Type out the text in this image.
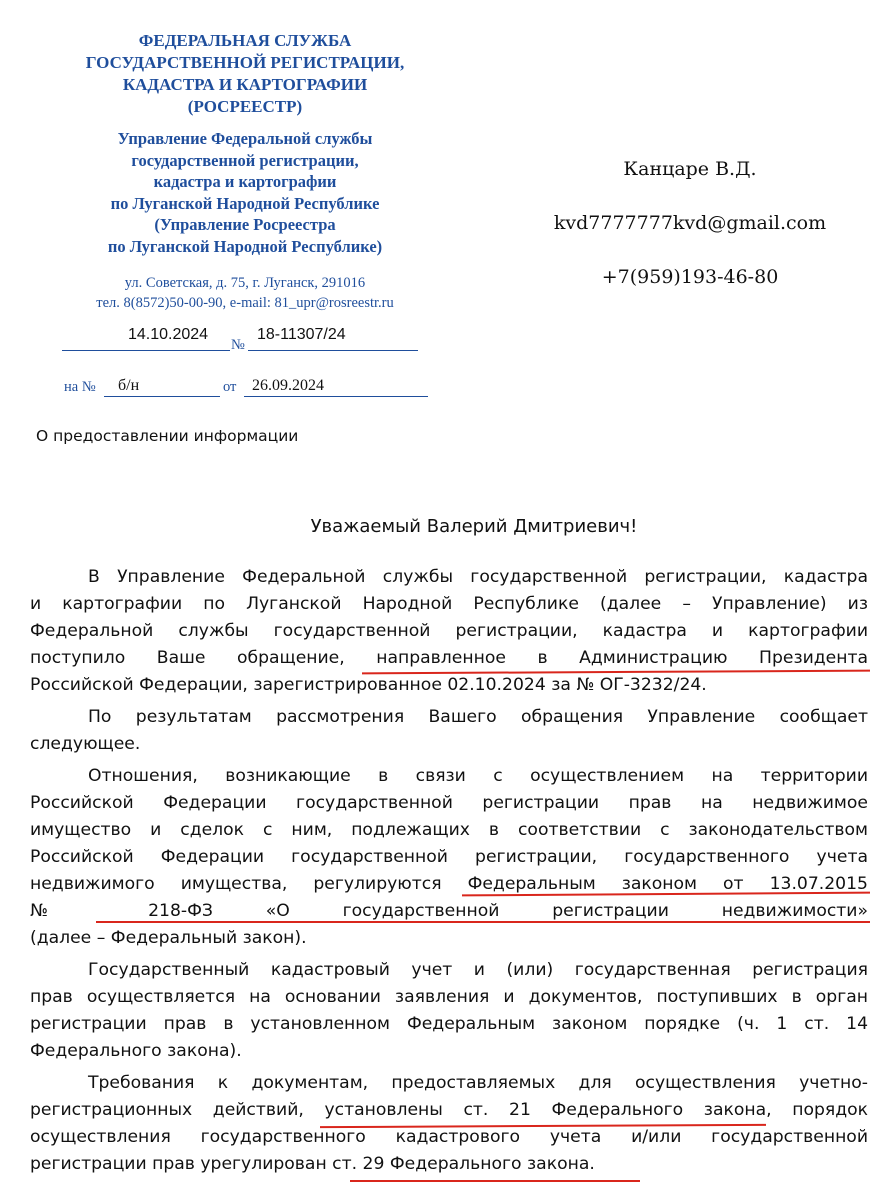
ФЕДЕРАЛЬНАЯ СЛУЖБА
ГОСУДАРСТВЕННОЙ РЕГИСТРАЦИИ,
КАДАСТРА И КАРТОГРАФИИ
(РОСРЕЕСТР)
Управление Федеральной службы
государственной регистрации,
кадастра и картографии
по Луганской Народной Республике
(Управление Росреестра
по Луганской Народной Республике)
ул. Советская, д. 75, г. Луганск, 291016
тел. 8(8572)50-00-90, e-mail: 81_upr@rosreestr.ru
14.10.2024
№
18-11307/24
на № б/н	от 26.09.2024
Канцаре В.Д.
kvd7777777kvd@gmail.com
+7(959)193-46-80
О предоставлении информации
Уважаемый Валерий Дмитриевич!
В Управление Федеральной службы государственной регистрации, кадастра
и картографии по Луганской Народной Республике (далее – Управление) из
Федеральной службы государственной регистрации, кадастра и картографии
поступило Ваше обращение, направленное в Администрацию Президента
Российской Федерации, зарегистрированное 02.10.2024 за № ОГ-3232/24.
По результатам рассмотрения Вашего обращения Управление сообщает
следующее.
Отношения, возникающие в связи с осуществлением на территории
Российской Федерации государственной регистрации прав на недвижимое
имущество и сделок с ним, подлежащих в соответствии с законодательством
Российской Федерации государственной регистрации, государственного учета
недвижимого имущества, регулируются Федеральным законом от 13.07.2015
№ 218-ФЗ «О государственной регистрации недвижимости»
(далее – Федеральный закон).
Государственный кадастровый учет и (или) государственная регистрация
прав осуществляется на основании заявления и документов, поступивших в орган
регистрации прав в установленном Федеральным законом порядке (ч. 1 ст. 14
Федерального закона).
Требования к документам, предоставляемых для осуществления учетно-
регистрационных действий, установлены ст. 21 Федерального закона, порядок
осуществления государственного кадастрового учета и/или государственной
регистрации прав урегулирован ст. 29 Федерального закона.
